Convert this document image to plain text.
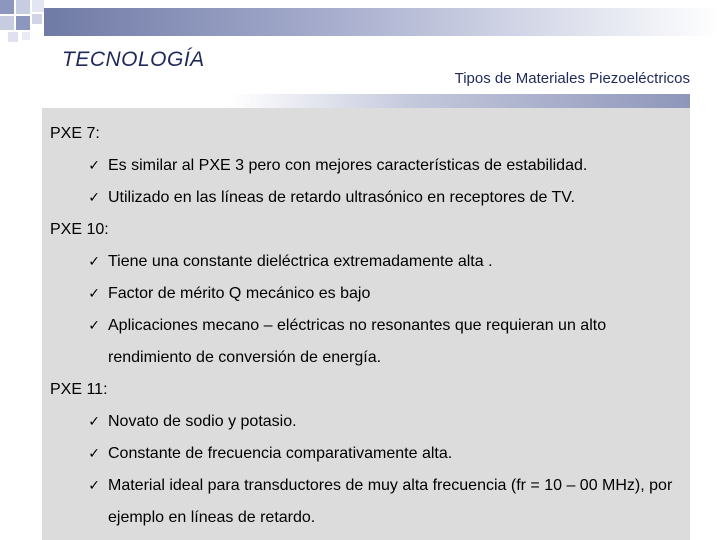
TECNOLOGÍA
Tipos de Materiales Piezoeléctricos
PXE 7:
✓ Es similar al PXE 3 pero con mejores características de estabilidad.
✓ Utilizado en las líneas de retardo ultrasónico en receptores de TV.
PXE 10:
✓ Tiene una constante dieléctrica extremadamente alta .
✓ Factor de mérito Q mecánico es bajo
✓ Aplicaciones mecano – eléctricas no resonantes que requieran un alto rendimiento de conversión de energía.
PXE 11:
✓ Novato de sodio y potasio.
✓ Constante de frecuencia comparativamente alta.
✓ Material ideal para transductores de muy alta frecuencia (fr = 10 – 00 MHz), por ejemplo en líneas de retardo.
